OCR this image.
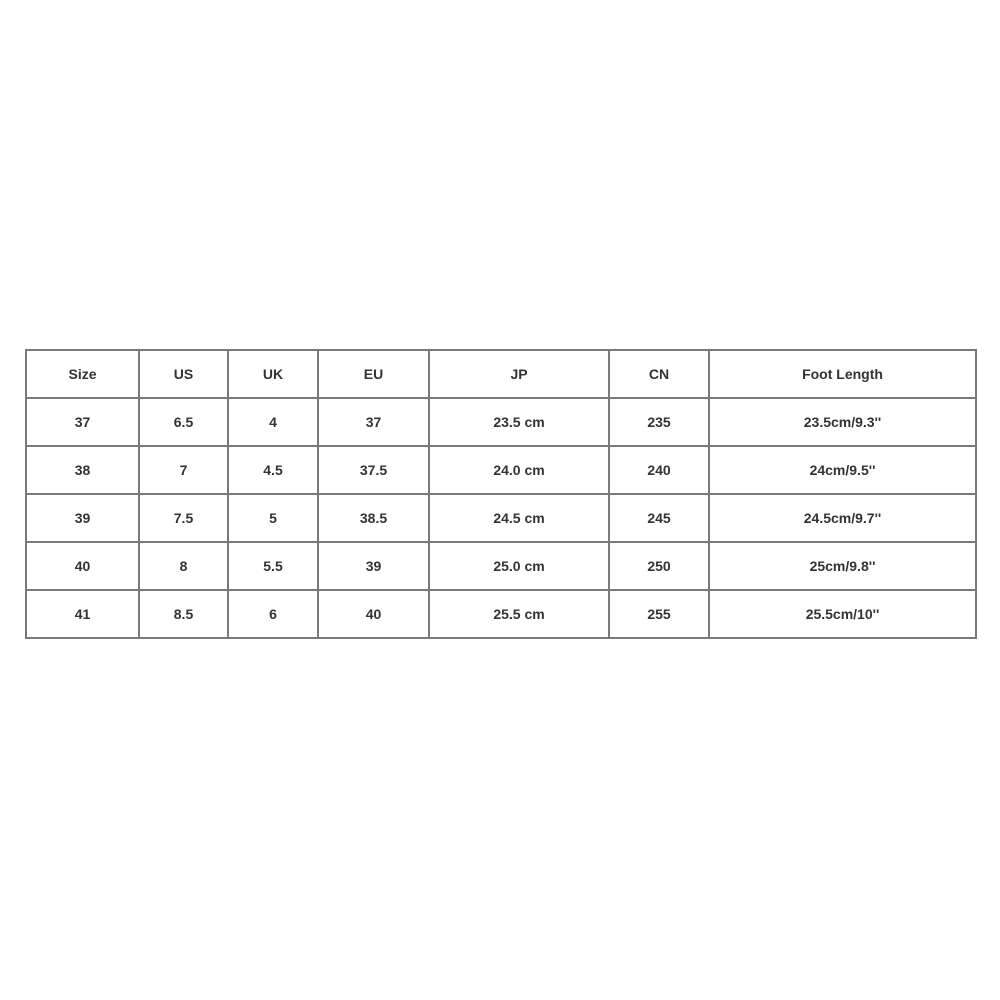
Size	US	UK	EU	JP	CN	Foot Length
37	6.5	4	37	23.5 cm	235	23.5cm/9.3''
38	7	4.5	37.5	24.0 cm	240	24cm/9.5''
39	7.5	5	38.5	24.5 cm	245	24.5cm/9.7''
40	8	5.5	39	25.0 cm	250	25cm/9.8''
41	8.5	6	40	25.5 cm	255	25.5cm/10''
